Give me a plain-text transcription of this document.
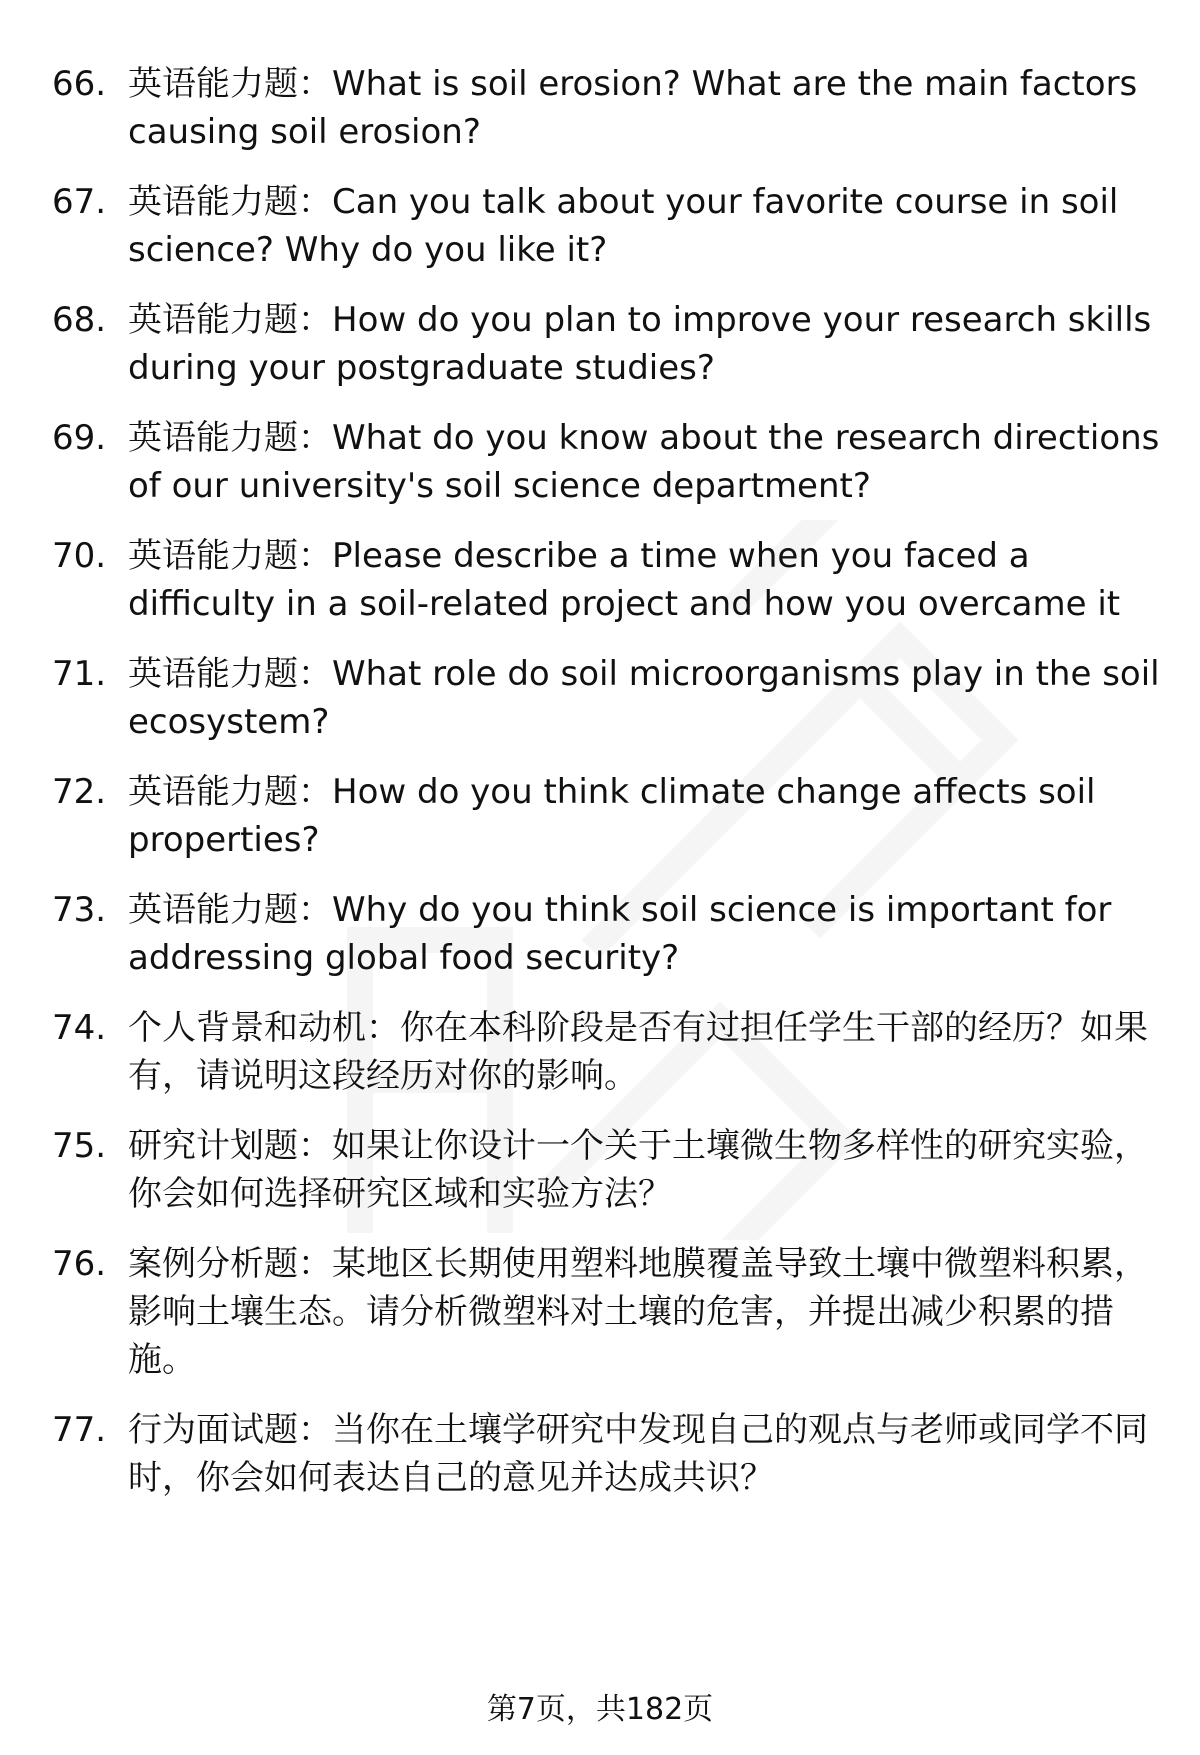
66. 英语能力题：What is soil erosion? What are the main factors causing soil erosion?
67. 英语能力题：Can you talk about your favorite course in soil science? Why do you like it?
68. 英语能力题：How do you plan to improve your research skills during your postgraduate studies?
69. 英语能力题：What do you know about the research directions of our university's soil science department?
70. 英语能力题：Please describe a time when you faced a difficulty in a soil-related project and how you overcame it
71. 英语能力题：What role do soil microorganisms play in the soil ecosystem?
72. 英语能力题：How do you think climate change affects soil properties?
73. 英语能力题：Why do you think soil science is important for addressing global food security?
74. 个人背景和动机：你在本科阶段是否有过担任学生干部的经历？如果有，请说明这段经历对你的影响。
75. 研究计划题：如果让你设计一个关于土壤微生物多样性的研究实验，你会如何选择研究区域和实验方法？
76. 案例分析题：某地区长期使用塑料地膜覆盖导致土壤中微塑料积累，影响土壤生态。请分析微塑料对土壤的危害，并提出减少积累的措施。
77. 行为面试题：当你在土壤学研究中发现自己的观点与老师或同学不同时，你会如何表达自己的意见并达成共识？
第7页，共182页
